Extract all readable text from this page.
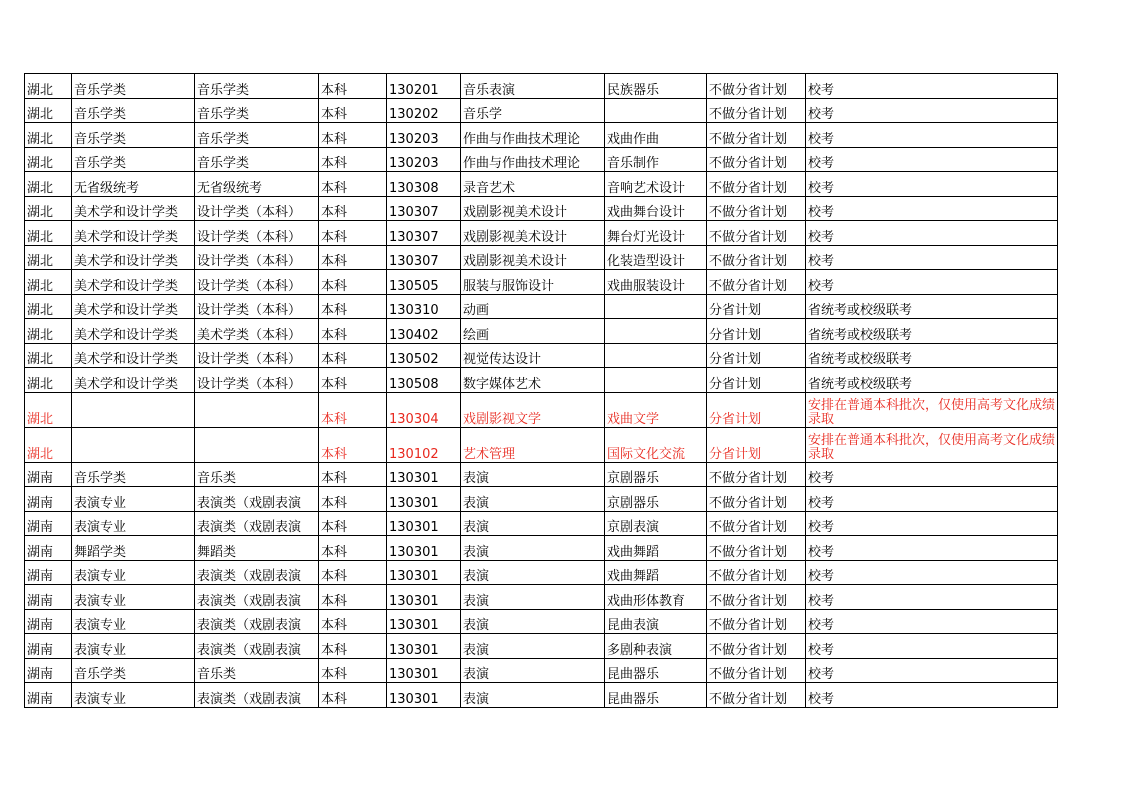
湖北	音乐学类	音乐学类	本科	130201	音乐表演	民族器乐	不做分省计划	校考
湖北	音乐学类	音乐学类	本科	130202	音乐学		不做分省计划	校考
湖北	音乐学类	音乐学类	本科	130203	作曲与作曲技术理论	戏曲作曲	不做分省计划	校考
湖北	音乐学类	音乐学类	本科	130203	作曲与作曲技术理论	音乐制作	不做分省计划	校考
湖北	无省级统考	无省级统考	本科	130308	录音艺术	音响艺术设计	不做分省计划	校考
湖北	美术学和设计学类	设计学类（本科）	本科	130307	戏剧影视美术设计	戏曲舞台设计	不做分省计划	校考
湖北	美术学和设计学类	设计学类（本科）	本科	130307	戏剧影视美术设计	舞台灯光设计	不做分省计划	校考
湖北	美术学和设计学类	设计学类（本科）	本科	130307	戏剧影视美术设计	化装造型设计	不做分省计划	校考
湖北	美术学和设计学类	设计学类（本科）	本科	130505	服装与服饰设计	戏曲服装设计	不做分省计划	校考
湖北	美术学和设计学类	设计学类（本科）	本科	130310	动画		分省计划	省统考或校级联考
湖北	美术学和设计学类	美术学类（本科）	本科	130402	绘画		分省计划	省统考或校级联考
湖北	美术学和设计学类	设计学类（本科）	本科	130502	视觉传达设计		分省计划	省统考或校级联考
湖北	美术学和设计学类	设计学类（本科）	本科	130508	数字媒体艺术		分省计划	省统考或校级联考
湖北			本科	130304	戏剧影视文学	戏曲文学	分省计划	安排在普通本科批次，仅使用高考文化成绩录取
湖北			本科	130102	艺术管理	国际文化交流	分省计划	安排在普通本科批次，仅使用高考文化成绩录取
湖南	音乐学类	音乐类	本科	130301	表演	京剧器乐	不做分省计划	校考
湖南	表演专业	表演类（戏剧表演	本科	130301	表演	京剧器乐	不做分省计划	校考
湖南	表演专业	表演类（戏剧表演	本科	130301	表演	京剧表演	不做分省计划	校考
湖南	舞蹈学类	舞蹈类	本科	130301	表演	戏曲舞蹈	不做分省计划	校考
湖南	表演专业	表演类（戏剧表演	本科	130301	表演	戏曲舞蹈	不做分省计划	校考
湖南	表演专业	表演类（戏剧表演	本科	130301	表演	戏曲形体教育	不做分省计划	校考
湖南	表演专业	表演类（戏剧表演	本科	130301	表演	昆曲表演	不做分省计划	校考
湖南	表演专业	表演类（戏剧表演	本科	130301	表演	多剧种表演	不做分省计划	校考
湖南	音乐学类	音乐类	本科	130301	表演	昆曲器乐	不做分省计划	校考
湖南	表演专业	表演类（戏剧表演	本科	130301	表演	昆曲器乐	不做分省计划	校考
